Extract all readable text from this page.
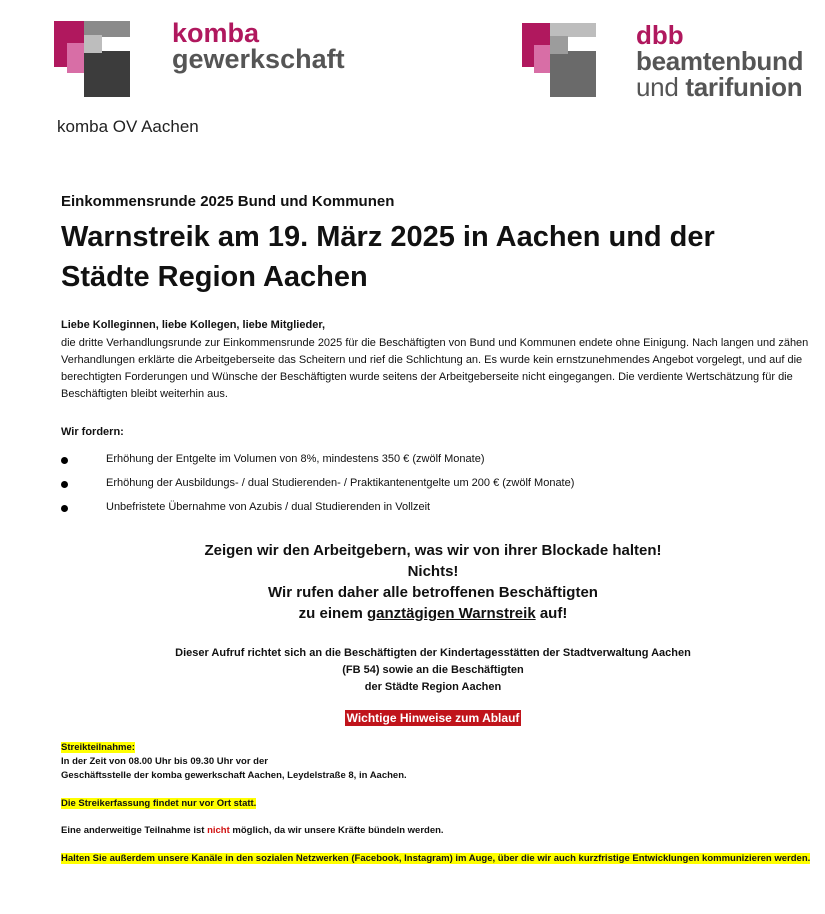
komba
gewerkschaft
dbb
beamtenbund
und tarifunion
komba OV Aachen
Einkommensrunde 2025 Bund und Kommunen
Warnstreik am 19. März 2025 in Aachen und der Städte Region Aachen
Liebe Kolleginnen, liebe Kollegen, liebe Mitglieder,
die dritte Verhandlungsrunde zur Einkommensrunde 2025 für die Beschäftigten von Bund und Kommunen endete ohne Einigung. Nach langen und zähen Verhandlungen erklärte die Arbeitgeberseite das Scheitern und rief die Schlichtung an. Es wurde kein ernstzunehmendes Angebot vorgelegt, und auf die berechtigten Forderungen und Wünsche der Beschäftigten wurde seitens der Arbeitgeberseite nicht eingegangen. Die verdiente Wertschätzung für die Beschäftigten bleibt weiterhin aus.
Wir fordern:
Erhöhung der Entgelte im Volumen von 8%, mindestens 350 € (zwölf Monate)
Erhöhung der Ausbildungs- / dual Studierenden- / Praktikantenentgelte um 200 € (zwölf Monate)
Unbefristete Übernahme von Azubis / dual Studierenden in Vollzeit
Zeigen wir den Arbeitgebern, was wir von ihrer Blockade halten!
Nichts!
Wir rufen daher alle betroffenen Beschäftigten
zu einem ganztägigen Warnstreik auf!
Dieser Aufruf richtet sich an die Beschäftigten der Kindertagesstätten der Stadtverwaltung Aachen
(FB 54) sowie an die Beschäftigten
der Städte Region Aachen
Wichtige Hinweise zum Ablauf
Streikteilnahme:
In der Zeit von 08.00 Uhr bis 09.30 Uhr vor der
Geschäftsstelle der komba gewerkschaft Aachen, Leydelstraße 8, in Aachen.
Die Streikerfassung findet nur vor Ort statt.
Eine anderweitige Teilnahme ist nicht möglich, da wir unsere Kräfte bündeln werden.
Halten Sie außerdem unsere Kanäle in den sozialen Netzwerken (Facebook, Instagram) im Auge, über die wir auch kurzfristige Entwicklungen kommunizieren werden.
